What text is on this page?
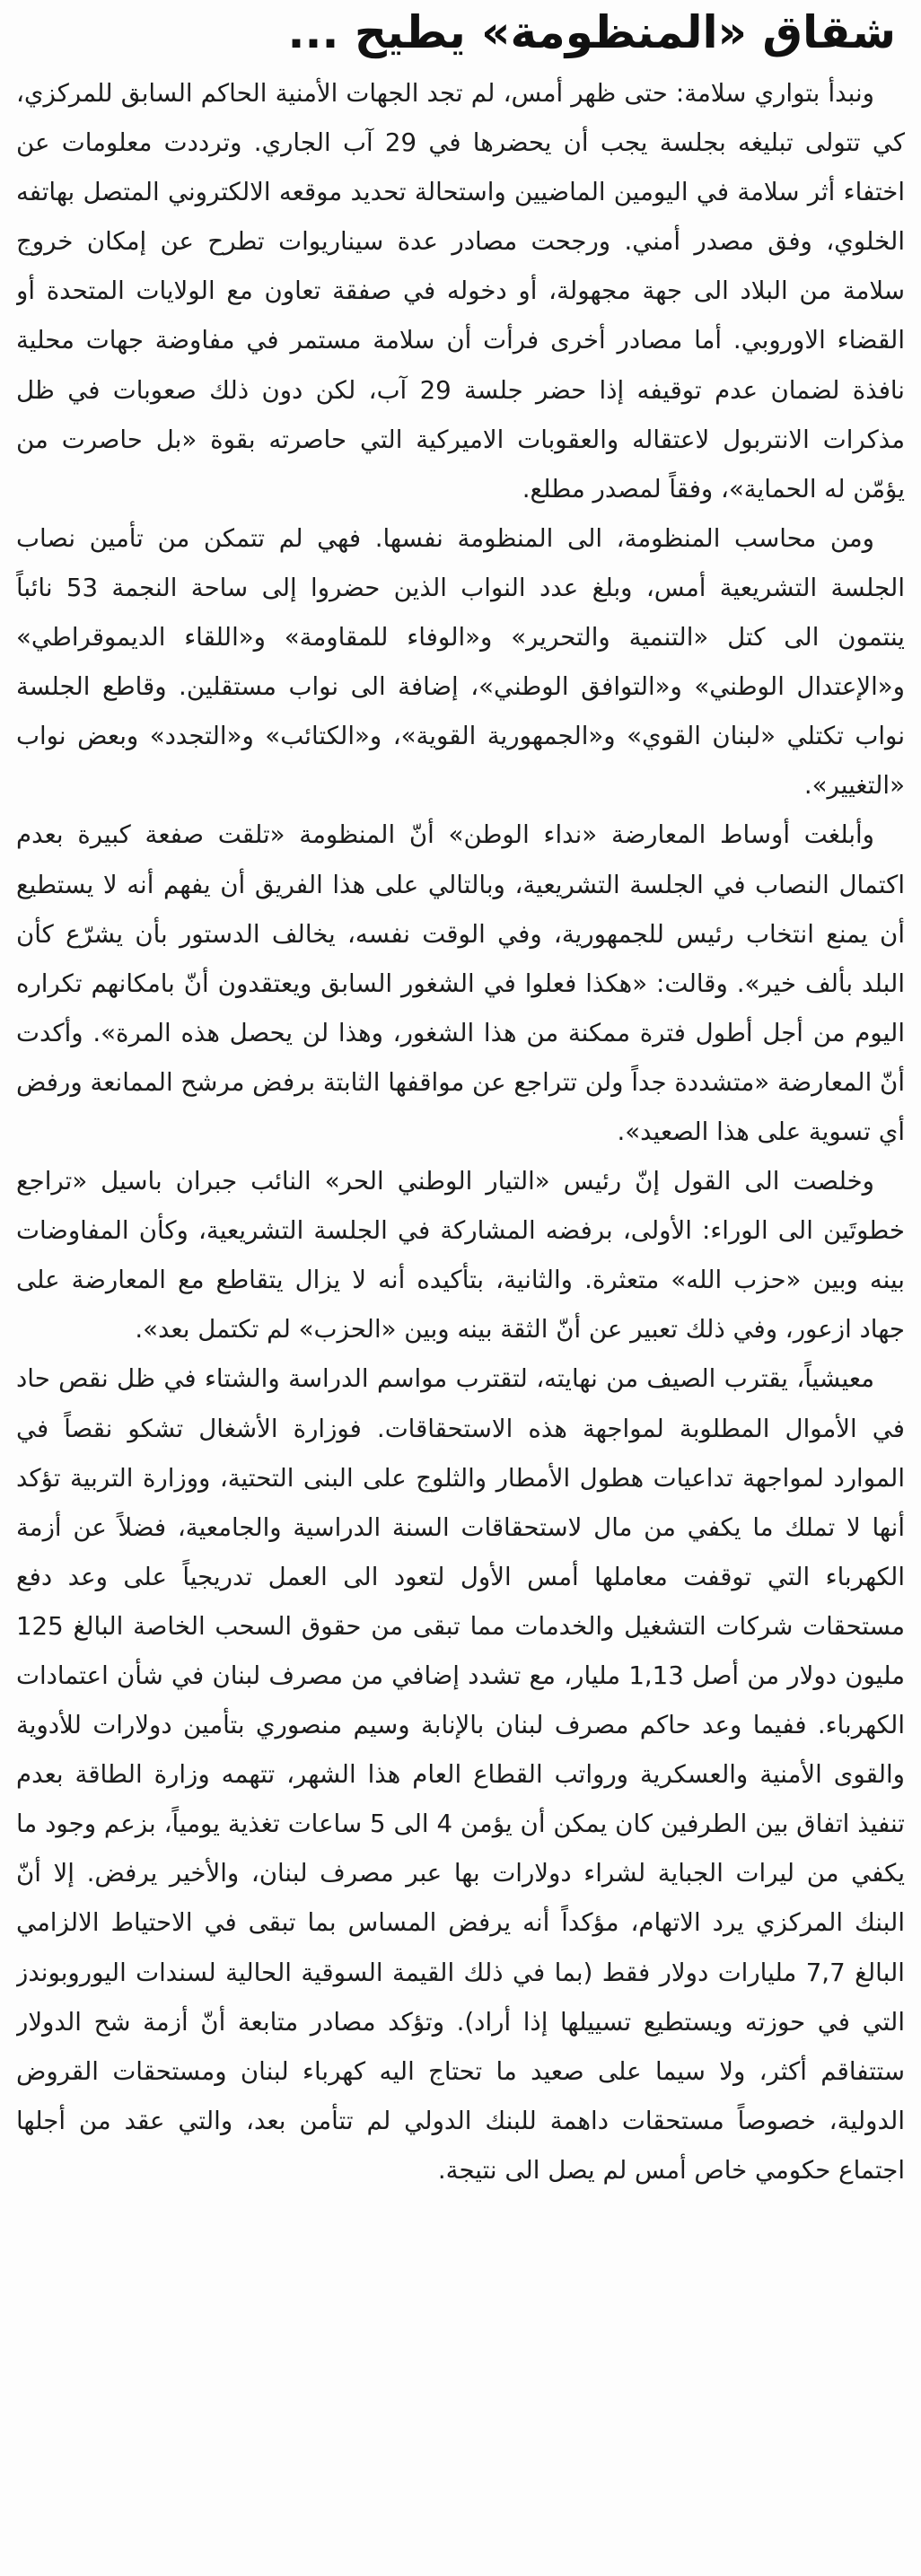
شقاق «المنظومة» يطيح ...

ونبدأ بتواري سلامة: حتى ظهر أمس، لم تجد الجهات الأمنية الحاكم السابق للمركزي، كي تتولى تبليغه بجلسة يجب أن يحضرها في 29 آب الجاري. وترددت معلومات عن اختفاء أثر سلامة في اليومين الماضيين واستحالة تحديد موقعه الالكتروني المتصل بهاتفه الخلوي، وفق مصدر أمني. ورجحت مصادر عدة سيناريوات تطرح عن إمكان خروج سلامة من البلاد الى جهة مجهولة، أو دخوله في صفقة تعاون مع الولايات المتحدة أو القضاء الاوروبي. أما مصادر أخرى فرأت أن سلامة مستمر في مفاوضة جهات محلية نافذة لضمان عدم توقيفه إذا حضر جلسة 29 آب، لكن دون ذلك صعوبات في ظل مذكرات الانتربول لاعتقاله والعقوبات الاميركية التي حاصرته بقوة «بل حاصرت من يؤمّن له الحماية»، وفقاً لمصدر مطلع.

ومن محاسب المنظومة، الى المنظومة نفسها. فهي لم تتمكن من تأمين نصاب الجلسة التشريعية أمس، وبلغ عدد النواب الذين حضروا إلى ساحة النجمة 53 نائباً ينتمون الى كتل «التنمية والتحرير» و«الوفاء للمقاومة» و«اللقاء الديموقراطي» و«الإعتدال الوطني» و«التوافق الوطني»، إضافة الى نواب مستقلين. وقاطع الجلسة نواب تكتلي «لبنان القوي» و«الجمهورية القوية»، و«الكتائب» و«التجدد» وبعض نواب «التغيير».

وأبلغت أوساط المعارضة «نداء الوطن» أنّ المنظومة «تلقت صفعة كبيرة بعدم اكتمال النصاب في الجلسة التشريعية، وبالتالي على هذا الفريق أن يفهم أنه لا يستطيع أن يمنع انتخاب رئيس للجمهورية، وفي الوقت نفسه، يخالف الدستور بأن يشرّع كأن البلد بألف خير». وقالت: «هكذا فعلوا في الشغور السابق ويعتقدون أنّ بامكانهم تكراره اليوم من أجل أطول فترة ممكنة من هذا الشغور، وهذا لن يحصل هذه المرة». وأكدت أنّ المعارضة «متشددة جداً ولن تتراجع عن مواقفها الثابتة برفض مرشح الممانعة ورفض أي تسوية على هذا الصعيد».

وخلصت الى القول إنّ رئيس «التيار الوطني الحر» النائب جبران باسيل «تراجع خطوتَين الى الوراء: الأولى، برفضه المشاركة في الجلسة التشريعية، وكأن المفاوضات بينه وبين «حزب الله» متعثرة. والثانية، بتأكيده أنه لا يزال يتقاطع مع المعارضة على جهاد ازعور، وفي ذلك تعبير عن أنّ الثقة بينه وبين «الحزب» لم تكتمل بعد».

معيشياً، يقترب الصيف من نهايته، لتقترب مواسم الدراسة والشتاء في ظل نقص حاد في الأموال المطلوبة لمواجهة هذه الاستحقاقات. فوزارة الأشغال تشكو نقصاً في الموارد لمواجهة تداعيات هطول الأمطار والثلوج على البنى التحتية، ووزارة التربية تؤكد أنها لا تملك ما يكفي من مال لاستحقاقات السنة الدراسية والجامعية، فضلاً عن أزمة الكهرباء التي توقفت معاملها أمس الأول لتعود الى العمل تدريجياً على وعد دفع مستحقات شركات التشغيل والخدمات مما تبقى من حقوق السحب الخاصة البالغ 125 مليون دولار من أصل 1,13 مليار، مع تشدد إضافي من مصرف لبنان في شأن اعتمادات الكهرباء. ففيما وعد حاكم مصرف لبنان بالإنابة وسيم منصوري بتأمين دولارات للأدوية والقوى الأمنية والعسكرية ورواتب القطاع العام هذا الشهر، تتهمه وزارة الطاقة بعدم تنفيذ اتفاق بين الطرفين كان يمكن أن يؤمن 4 الى 5 ساعات تغذية يومياً، بزعم وجود ما يكفي من ليرات الجباية لشراء دولارات بها عبر مصرف لبنان، والأخير يرفض. إلا أنّ البنك المركزي يرد الاتهام، مؤكداً أنه يرفض المساس بما تبقى في الاحتياط الالزامي البالغ 7,7 مليارات دولار فقط (بما في ذلك القيمة السوقية الحالية لسندات اليوروبوندز التي في حوزته ويستطيع تسييلها إذا أراد). وتؤكد مصادر متابعة أنّ أزمة شح الدولار ستتفاقم أكثر، ولا سيما على صعيد ما تحتاج اليه كهرباء لبنان ومستحقات القروض الدولية، خصوصاً مستحقات داهمة للبنك الدولي لم تتأمن بعد، والتي عقد من أجلها اجتماع حكومي خاص أمس لم يصل الى نتيجة.
